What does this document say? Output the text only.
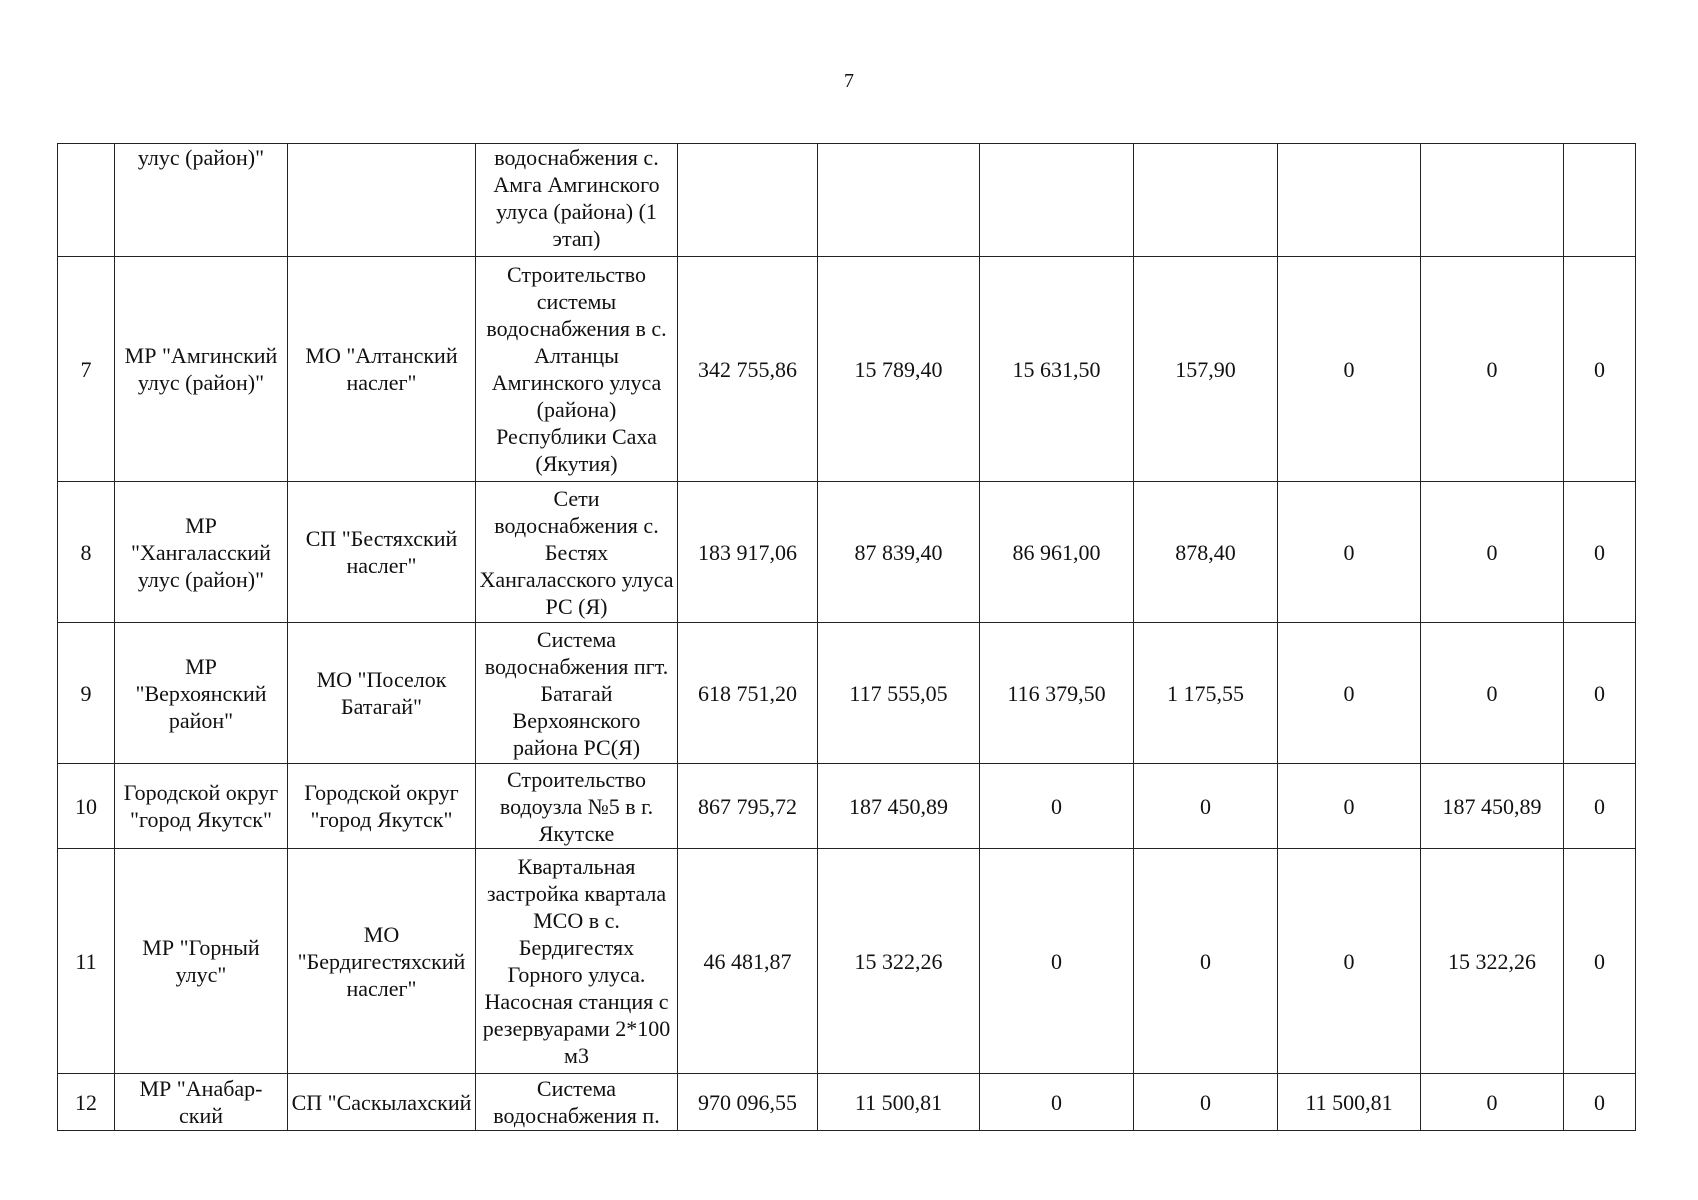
7
	улус (район)"		водоснабжения с. Амга Амгинского улуса (района) (1 этап)							
7	МР "Амгинский улус (район)"	МО "Алтанский наслег"	Строительство системы водоснабжения в с. Алтанцы Амгинского улуса (района) Республики Саха (Якутия)	342 755,86	15 789,40	15 631,50	157,90	0	0	0
8	МР "Хангаласский улус (район)"	СП "Бестяхский наслег"	Сети водоснабжения с. Бестях Хангаласского улуса РС (Я)	183 917,06	87 839,40	86 961,00	878,40	0	0	0
9	МР "Верхоянский район"	МО "Поселок Батагай"	Система водоснабжения пгт. Батагай Верхоянского района РС(Я)	618 751,20	117 555,05	116 379,50	1 175,55	0	0	0
10	Городской округ "город Якутск"	Городской округ "город Якутск"	Строительство водоузла №5 в г. Якутске	867 795,72	187 450,89	0	0	0	187 450,89	0
11	МР "Горный улус"	МО "Бердигестяхский наслег"	Квартальная застройка квартала МСО в с. Бердигестях Горного улуса. Насосная станция с резервуарами 2*100 м3	46 481,87	15 322,26	0	0	0	15 322,26	0
12	МР "Анабар- ский	СП "Саскылахский	Система водоснабжения п.	970 096,55	11 500,81	0	0	11 500,81	0	0
